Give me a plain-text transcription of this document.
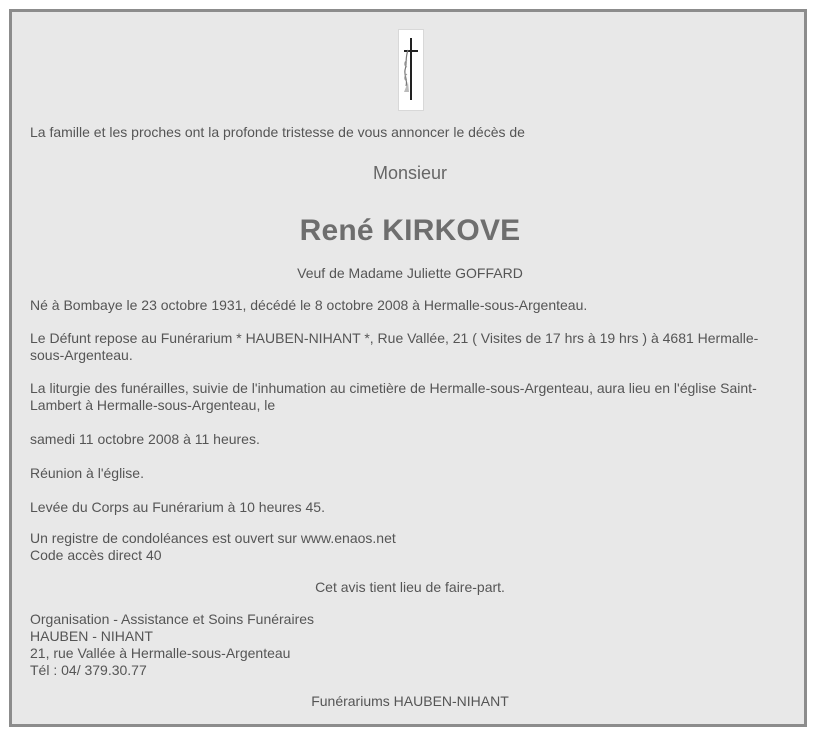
La famille et les proches ont la profonde tristesse de vous annoncer le décès de
Monsieur
René KIRKOVE
Veuf de Madame Juliette GOFFARD
Né à Bombaye le 23 octobre 1931, décédé le 8 octobre 2008 à Hermalle-sous-Argenteau.
Le Défunt repose au Funérarium * HAUBEN-NIHANT *, Rue Vallée, 21 ( Visites de 17 hrs à 19 hrs ) à 4681 Hermalle-sous-Argenteau.
La liturgie des funérailles, suivie de l'inhumation au cimetière de Hermalle-sous-Argenteau, aura lieu en l'église Saint-Lambert à Hermalle-sous-Argenteau, le
samedi 11 octobre 2008 à 11 heures.
Réunion à l'église.
Levée du Corps au Funérarium à 10 heures 45.
Un registre de condoléances est ouvert sur www.enaos.net
Code accès direct 40
Cet avis tient lieu de faire-part.
Organisation - Assistance et Soins Funéraires
HAUBEN - NIHANT
21, rue Vallée à Hermalle-sous-Argenteau
Tél : 04/ 379.30.77
Funérariums HAUBEN-NIHANT
